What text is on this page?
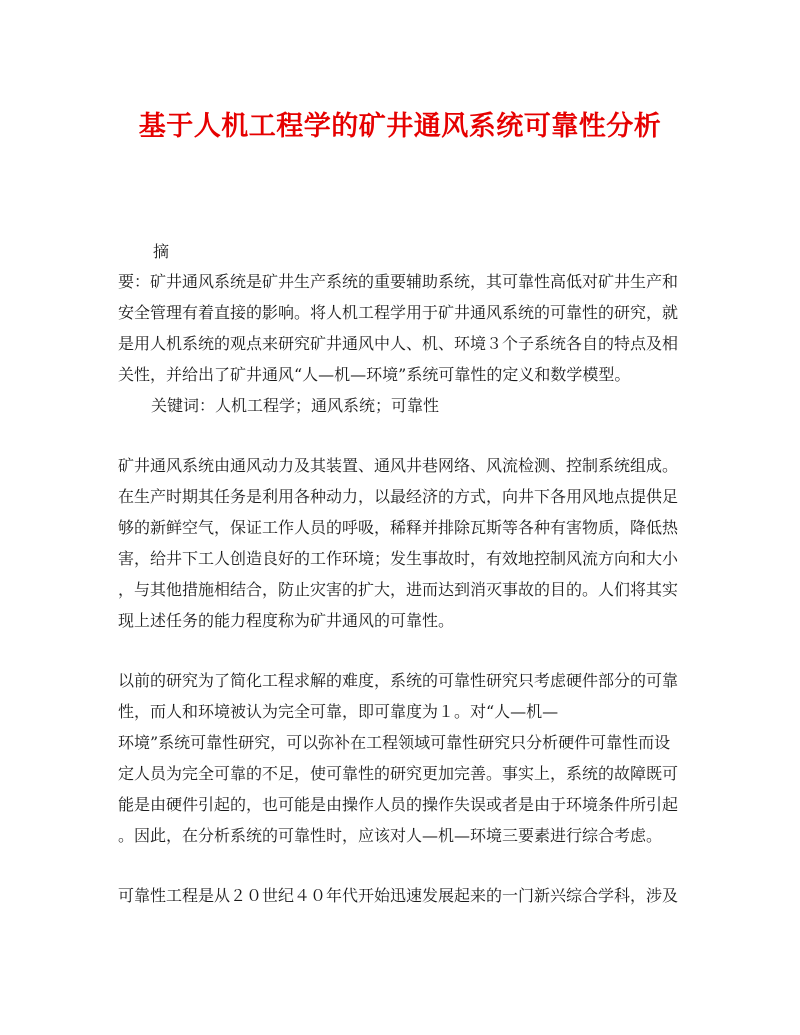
基于人机工程学的矿井通风系统可靠性分析
摘
要：矿井通风系统是矿井生产系统的重要辅助系统，其可靠性高低对矿井生产和
安全管理有着直接的影响。将人机工程学用于矿井通风系统的可靠性的研究，就
是用人机系统的观点来研究矿井通风中人、机、环境３个子系统各自的特点及相
关性，并给出了矿井通风“人—机—环境”系统可靠性的定义和数学模型。
关键词：人机工程学；通风系统；可靠性
矿井通风系统由通风动力及其装置、通风井巷网络、风流检测、控制系统组成。
在生产时期其任务是利用各种动力，以最经济的方式，向井下各用风地点提供足
够的新鲜空气，保证工作人员的呼吸，稀释并排除瓦斯等各种有害物质，降低热
害，给井下工人创造良好的工作环境；发生事故时，有效地控制风流方向和大小
，与其他措施相结合，防止灾害的扩大，进而达到消灭事故的目的。人们将其实
现上述任务的能力程度称为矿井通风的可靠性。
以前的研究为了简化工程求解的难度，系统的可靠性研究只考虑硬件部分的可靠
性，而人和环境被认为完全可靠，即可靠度为１。对“人—机—
环境”系统可靠性研究，可以弥补在工程领域可靠性研究只分析硬件可靠性而设
定人员为完全可靠的不足，使可靠性的研究更加完善。事实上，系统的故障既可
能是由硬件引起的，也可能是由操作人员的操作失误或者是由于环境条件所引起
。因此，在分析系统的可靠性时，应该对人—机—环境三要素进行综合考虑。
可靠性工程是从２０世纪４０年代开始迅速发展起来的一门新兴综合学科，涉及
